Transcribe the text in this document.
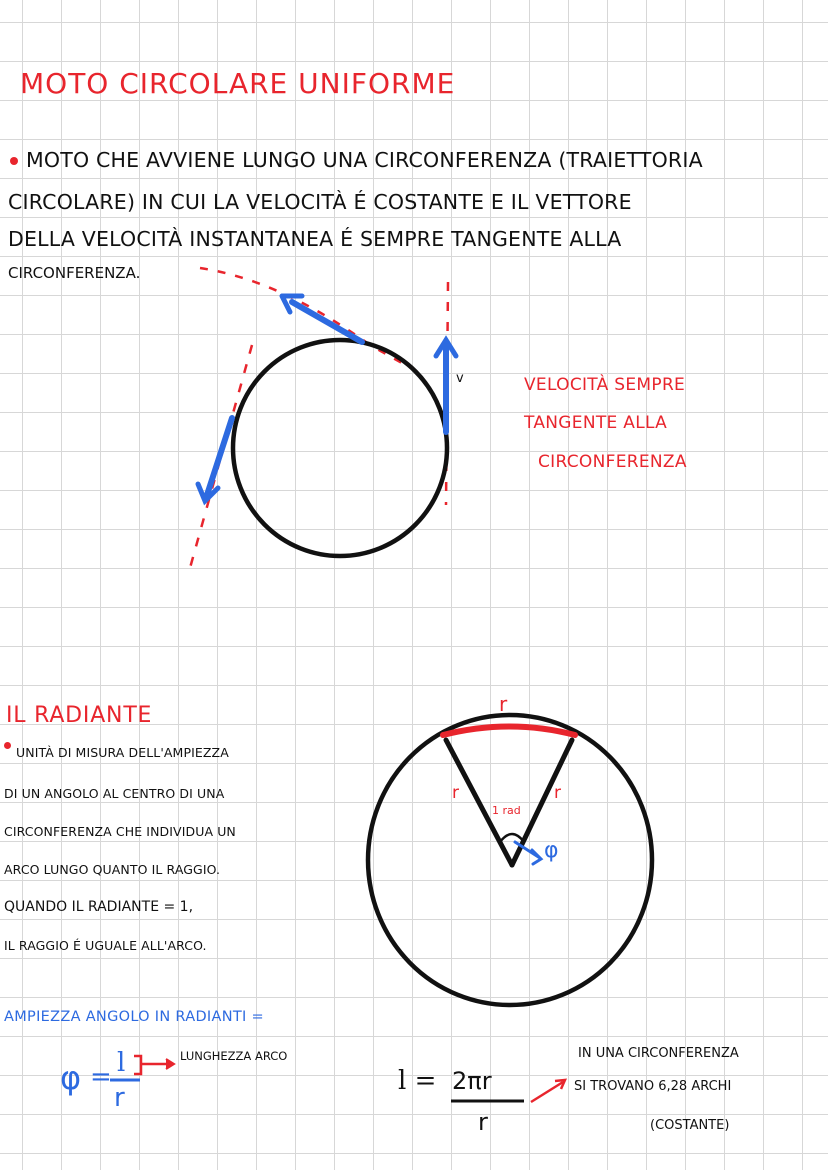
MOTO CIRCOLARE UNIFORME
MOTO CHE AVVIENE LUNGO UNA CIRCONFERENZA (TRAIETTORIA
CIRCOLARE) IN CUI LA VELOCITÀ É COSTANTE E IL VETTORE
DELLA VELOCITÀ INSTANTANEA É SEMPRE TANGENTE ALLA
CIRCONFERENZA.
v	VELOCITÀ SEMPRE
TANGENTE ALLA
CIRCONFERENZA
IL RADIANTE
UNITÀ DI MISURA DELL'AMPIEZZA
DI UN ANGOLO AL CENTRO DI UNA
CIRCONFERENZA CHE INDIVIDUA UN
ARCO LUNGO QUANTO IL RAGGIO.
QUANDO IL RADIANTE = 1,
IL RAGGIO É UGUALE ALL'ARCO.
r
r	r
1 rad
φ
AMPIEZZA ANGOLO IN RADIANTI =
φ = l
r
LUNGHEZZA ARCO
l = 2πr
r
IN UNA CIRCONFERENZA
SI TROVANO 6,28 ARCHI
(COSTANTE)
